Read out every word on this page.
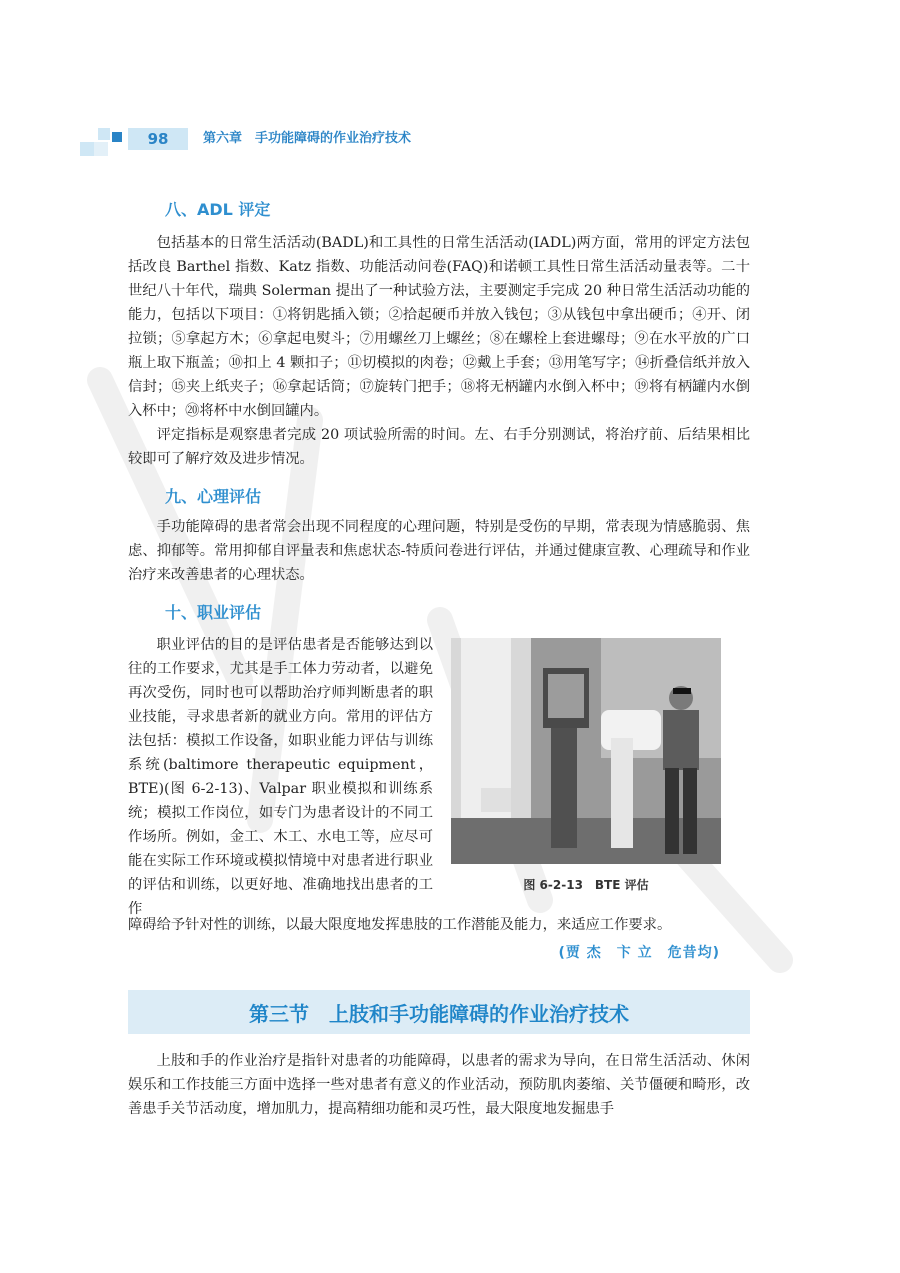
98	第六章　手功能障碍的作业治疗技术
八、ADL 评定

包括基本的日常生活活动(BADL)和工具性的日常生活活动(IADL)两方面，常用的评定方法包括改良 Barthel 指数、Katz 指数、功能活动问卷(FAQ)和诺顿工具性日常生活活动量表等。二十世纪八十年代，瑞典 Solerman 提出了一种试验方法，主要测定手完成 20 种日常生活活动功能的能力，包括以下项目：①将钥匙插入锁；②拾起硬币并放入钱包；③从钱包中拿出硬币；④开、闭拉锁；⑤拿起方木；⑥拿起电熨斗；⑦用螺丝刀上螺丝；⑧在螺栓上套进螺母；⑨在水平放的广口瓶上取下瓶盖；⑩扣上 4 颗扣子；⑪切模拟的肉卷；⑫戴上手套；⑬用笔写字；⑭折叠信纸并放入信封；⑮夹上纸夹子；⑯拿起话筒；⑰旋转门把手；⑱将无柄罐内水倒入杯中；⑲将有柄罐内水倒入杯中；⑳将杯中水倒回罐内。

评定指标是观察患者完成 20 项试验所需的时间。左、右手分别测试，将治疗前、后结果相比较即可了解疗效及进步情况。

九、心理评估

手功能障碍的患者常会出现不同程度的心理问题，特别是受伤的早期，常表现为情感脆弱、焦虑、抑郁等。常用抑郁自评量表和焦虑状态-特质问卷进行评估，并通过健康宣教、心理疏导和作业治疗来改善患者的心理状态。

十、职业评估

职业评估的目的是评估患者是否能够达到以往的工作要求，尤其是手工体力劳动者，以避免再次受伤，同时也可以帮助治疗师判断患者的职业技能，寻求患者新的就业方向。常用的评估方法包括：模拟工作设备，如职业能力评估与训练系统(baltimore therapeutic equipment，BTE)(图 6-2-13)、Valpar 职业模拟和训练系统；模拟工作岗位，如专门为患者设计的不同工作场所。例如，金工、木工、水电工等，应尽可能在实际工作环境或模拟情境中对患者进行职业的评估和训练，以更好地、准确地找出患者的工作

障碍给予针对性的训练，以最大限度地发挥患肢的工作潜能及能力，来适应工作要求。

图 6-2-13　BTE 评估
(贾 杰　卞 立　危昔均)
第三节　上肢和手功能障碍的作业治疗技术

上肢和手的作业治疗是指针对患者的功能障碍，以患者的需求为导向，在日常生活活动、休闲娱乐和工作技能三方面中选择一些对患者有意义的作业活动，预防肌肉萎缩、关节僵硬和畸形，改善患手关节活动度，增加肌力，提高精细功能和灵巧性，最大限度地发掘患手
